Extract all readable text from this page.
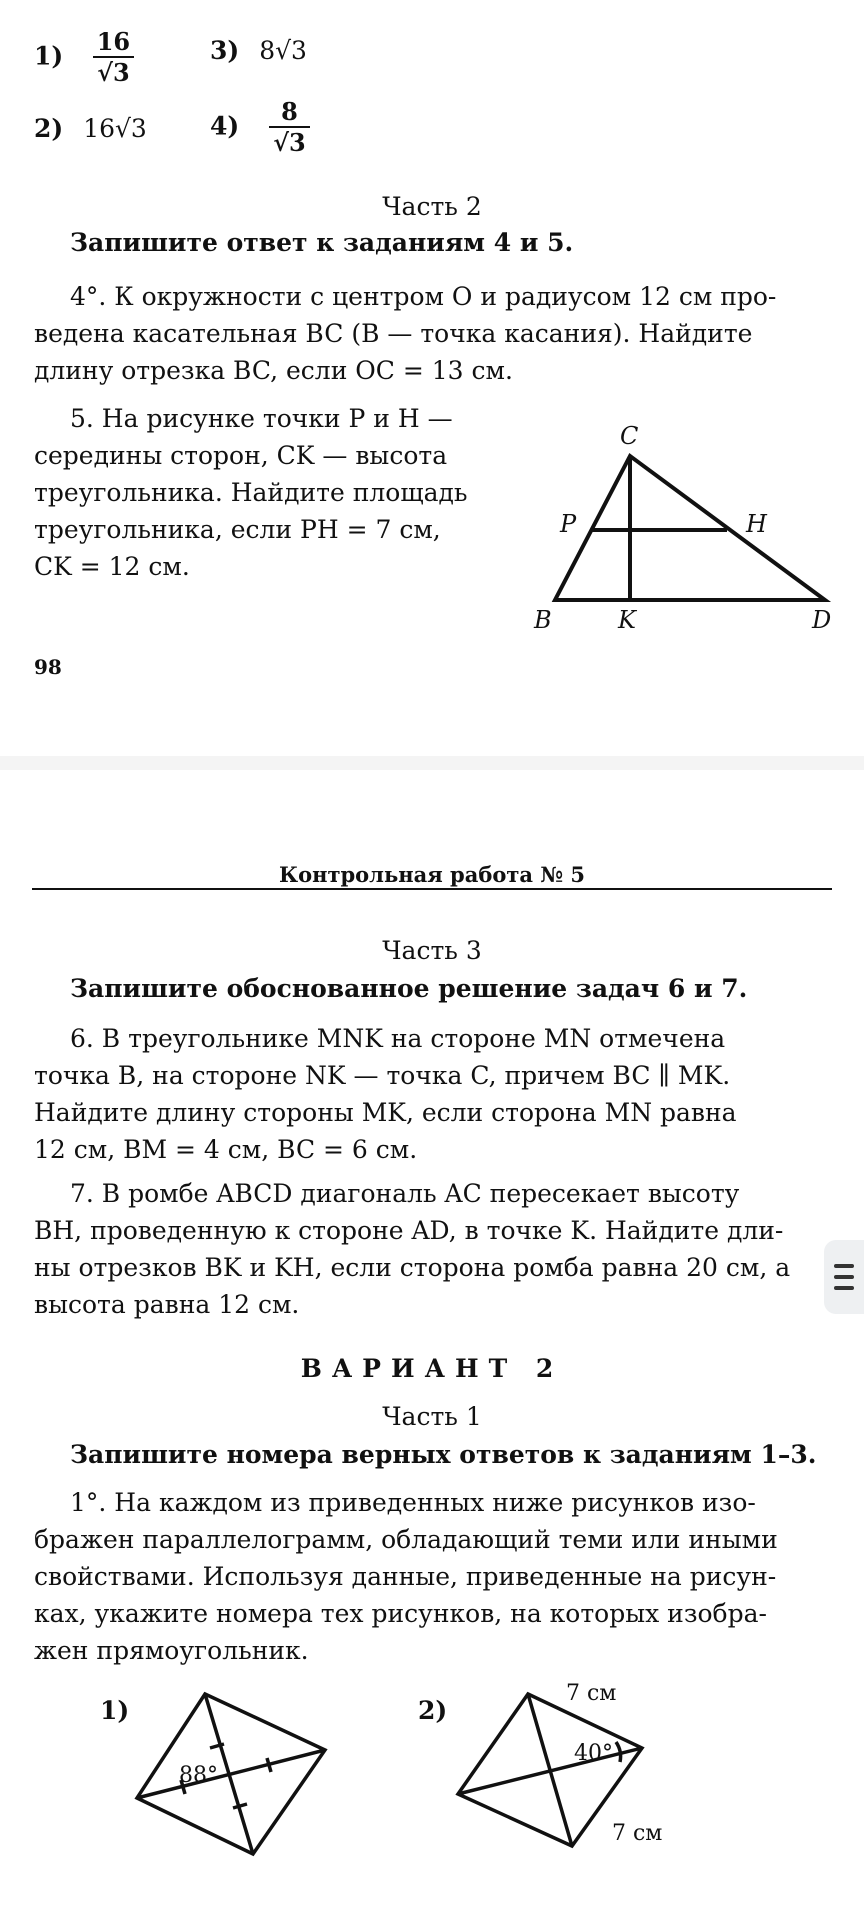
$1) \frac{16}{√3}$	3) 8√3
2) 16√3	$4) \frac{8}{√3}$
Часть 2
Запишите ответ к заданиям 4 и 5.
4°. К окружности с центром O и радиусом 12 см про-
ведена касательная BC (B — точка касания). Найдите
длину отрезка BC, если OC = 13 см.
5. На рисунке точки P и H —
середины сторон, CK — высота
треугольника. Найдите площадь
треугольника, если PH = 7 см,
CK = 12 см.
C
P	H
B	K	D
98
Контрольная работа № 5
Часть 3
Запишите обоснованное решение задач 6 и 7.
6. В треугольнике MNK на стороне MN отмечена
точка B, на стороне NK — точка C, причем BC ∥ MK.
Найдите длину стороны MK, если сторона MN равна
12 см, BM = 4 см, BC = 6 см.
7. В ромбе ABCD диагональ AC пересекает высоту
BH, проведенную к стороне AD, в точке K. Найдите дли-
ны отрезков BK и KH, если сторона ромба равна 20 см, а
высота равна 12 см.
ВАРИАНТ 2
Часть 1
Запишите номера верных ответов к заданиям 1–3.
1°. На каждом из приведенных ниже рисунков изо-
бражен параллелограмм, обладающий теми или иными
свойствами. Используя данные, приведенные на рисун-
ках, укажите номера тех рисунков, на которых изобра-
жен прямоугольник.
1)
88°
2)
7 см
40°
7 см
